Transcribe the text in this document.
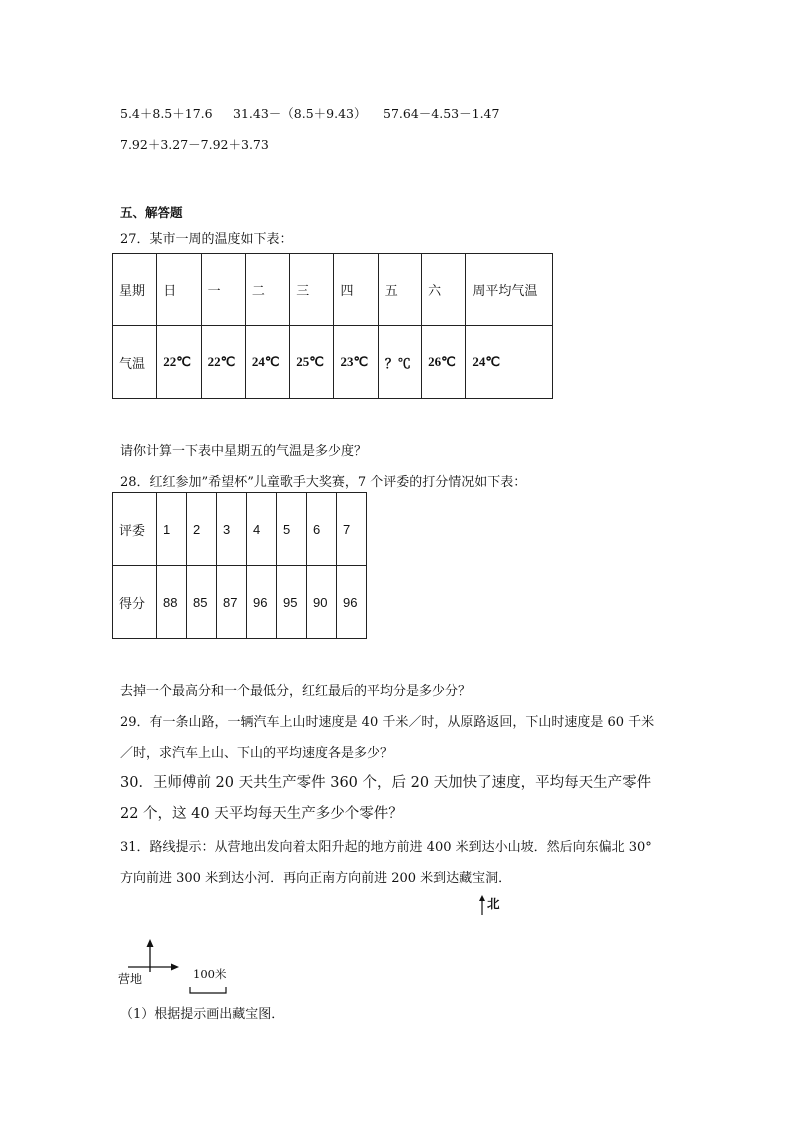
5.4＋8.5＋17.6 31.43－（8.5＋9.43） 57.64－4.53－1.47
7.92＋3.27－7.92＋3.73
五、解答题
27．某市一周的温度如下表：
星期	日	一	二	三	四	五	六	周平均气温
气温	22℃	22℃	24℃	25℃	23℃	？℃	26℃	24℃
请你计算一下表中星期五的气温是多少度？
28．红红参加”希望杯”儿童歌手大奖赛，7 个评委的打分情况如下表：
评委	1	2	3	4	5	6	7
得分	88	85	87	96	95	90	96
去掉一个最高分和一个最低分，红红最后的平均分是多少分？
29．有一条山路，一辆汽车上山时速度是 40 千米／时，从原路返回，下山时速度是 60 千米
／时，求汽车上山、下山的平均速度各是多少？
30．王师傅前 20 天共生产零件 360 个，后 20 天加快了速度，平均每天生产零件
22 个，这 40 天平均每天生产多少个零件？
31．路线提示：从营地出发向着太阳升起的地方前进 400 米到达小山坡．然后向东偏北 30°
方向前进 300 米到达小河．再向正南方向前进 200 米到达藏宝洞．
北
营地	100米
（1）根据提示画出藏宝图．
